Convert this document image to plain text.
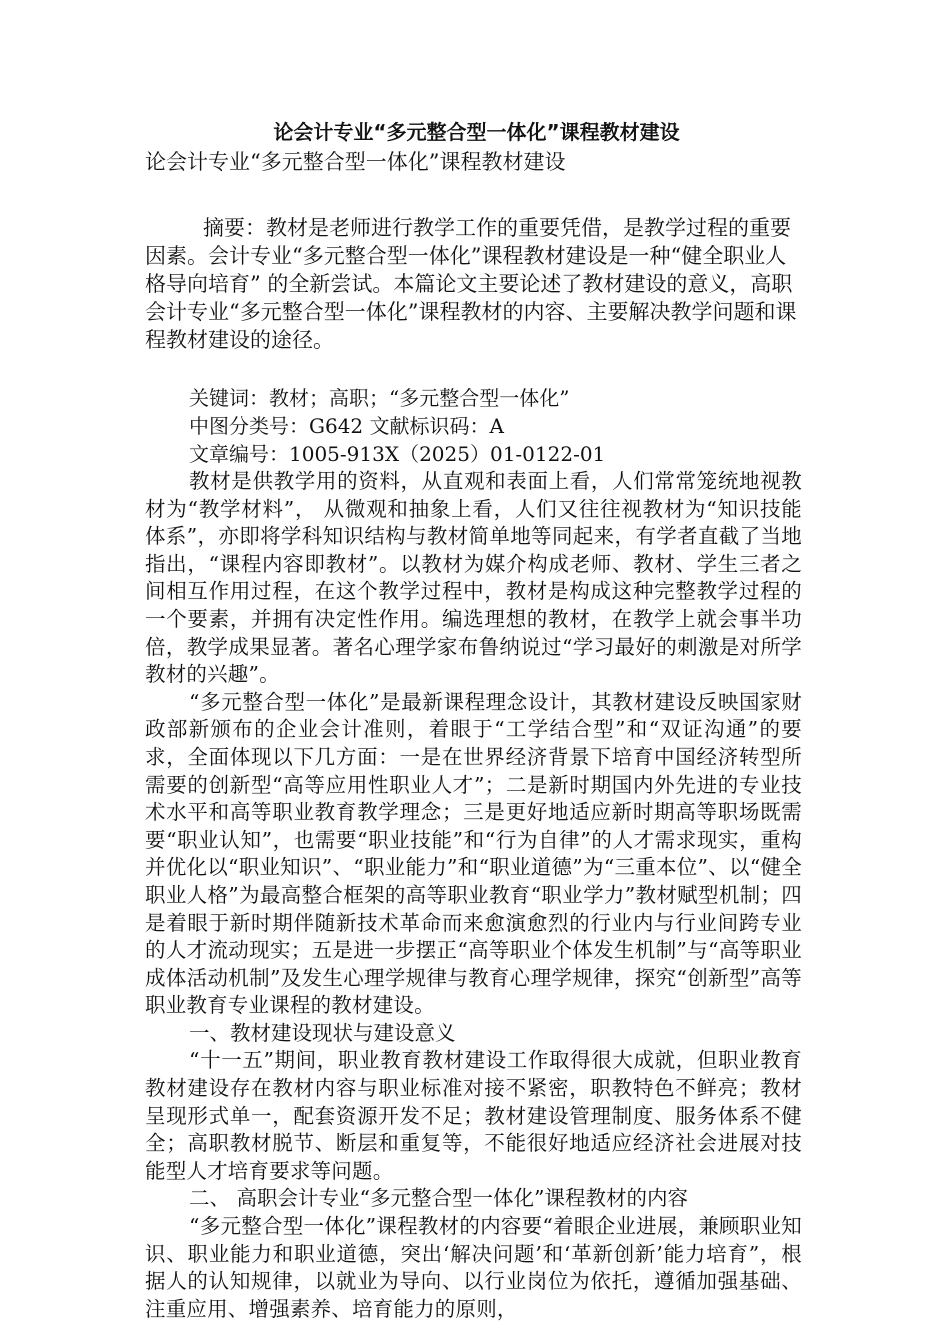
论会计专业“多元整合型一体化”课程教材建设

论会计专业“多元整合型一体化”课程教材建设

摘要：教材是老师进行教学工作的重要凭借，是教学过程的重要因素。会计专业“多元整合型一体化”课程教材建设是一种“健全职业人格导向培育” 的全新尝试。本篇论文主要论述了教材建设的意义，高职会计专业“多元整合型一体化”课程教材的内容、主要解决教学问题和课程教材建设的途径。

关键词：教材；高职；“多元整合型一体化”

中图分类号：G642 文献标识码：A

文章编号：1005-913X（2025）01-0122-01

教材是供教学用的资料，从直观和表面上看，人们常常笼统地视教材为“教学材料”， 从微观和抽象上看，人们又往往视教材为“知识技能体系”，亦即将学科知识结构与教材简单地等同起来，有学者直截了当地指出，“课程内容即教材”。以教材为媒介构成老师、教材、学生三者之间相互作用过程，在这个教学过程中，教材是构成这种完整教学过程的一个要素，并拥有决定性作用。编选理想的教材，在教学上就会事半功倍，教学成果显著。著名心理学家布鲁纳说过“学习最好的刺激是对所学教材的兴趣”。

“多元整合型一体化”是最新课程理念设计，其教材建设反映国家财政部新颁布的企业会计准则，着眼于“工学结合型”和“双证沟通”的要求，全面体现以下几方面：一是在世界经济背景下培育中国经济转型所需要的创新型“高等应用性职业人才”；二是新时期国内外先进的专业技术水平和高等职业教育教学理念；三是更好地适应新时期高等职场既需要“职业认知”，也需要“职业技能”和“行为自律”的人才需求现实，重构并优化以“职业知识”、“职业能力”和“职业道德”为“三重本位”、以“健全职业人格”为最高整合框架的高等职业教育“职业学力”教材赋型机制；四是着眼于新时期伴随新技术革命而来愈演愈烈的行业内与行业间跨专业的人才流动现实；五是进一步摆正“高等职业个体发生机制”与“高等职业成体活动机制”及发生心理学规律与教育心理学规律，探究“创新型”高等职业教育专业课程的教材建设。

一、教材建设现状与建设意义

“十一五”期间，职业教育教材建设工作取得很大成就，但职业教育教材建设存在教材内容与职业标准对接不紧密，职教特色不鲜亮；教材呈现形式单一，配套资源开发不足；教材建设管理制度、服务体系不健全；高职教材脱节、断层和重复等，不能很好地适应经济社会进展对技能型人才培育要求等问题。

二、 高职会计专业“多元整合型一体化”课程教材的内容

“多元整合型一体化”课程教材的内容要“着眼企业进展，兼顾职业知识、职业能力和职业道德，突出‘解决问题’和‘革新创新’能力培育”，根据人的认知规律，以就业为导向、以行业岗位为依托，遵循加强基础、注重应用、增强素养、培育能力的原则，
